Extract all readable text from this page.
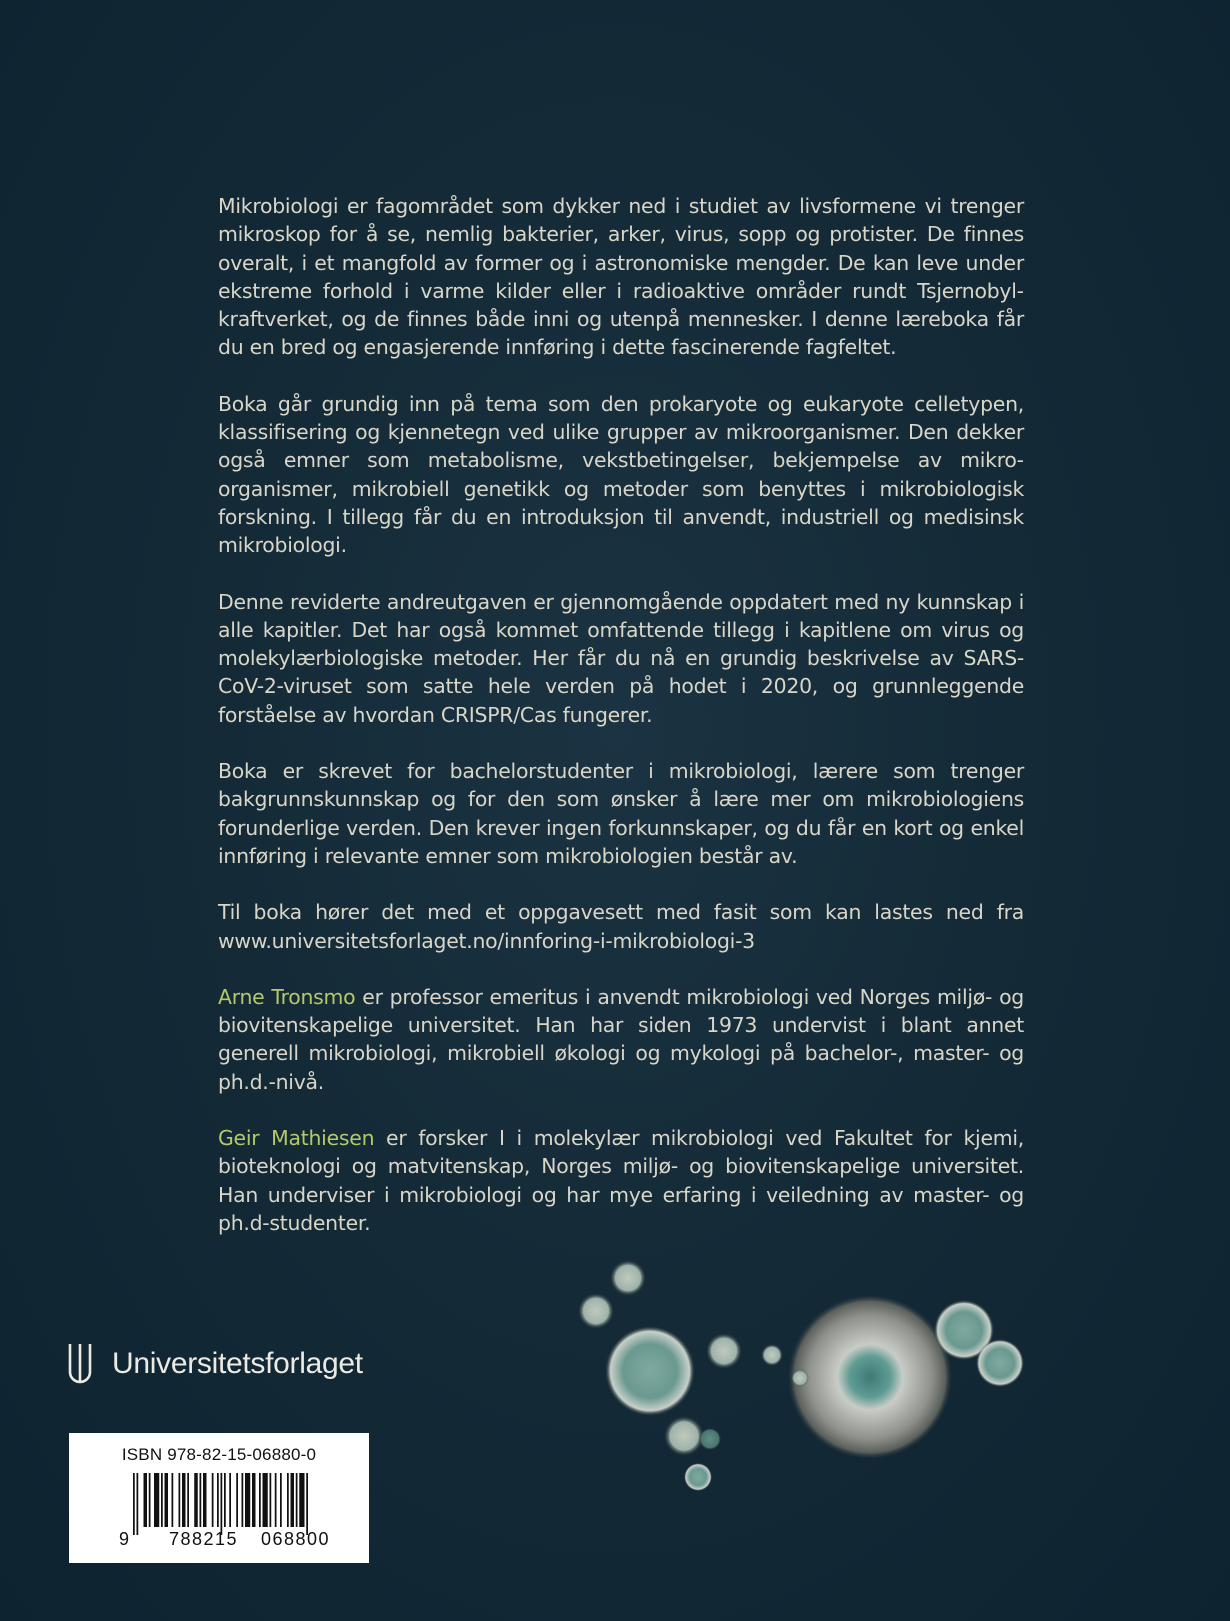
Mikrobiologi er fagområdet som dykker ned i studiet av livsformene vi trenger mikroskop for å se, nemlig bakterier, arker, virus, sopp og protister. De finnes overalt, i et mangfold av former og i astronomiske mengder. De kan leve under ekstreme forhold i varme kilder eller i radioaktive områder rundt Tsjernobylkraftverket, og de finnes både inni og utenpå mennesker. I denne læreboka får du en bred og engasjerende innføring i dette fascinerende fagfeltet.

Boka går grundig inn på tema som den prokaryote og eukaryote celletypen, klassifisering og kjennetegn ved ulike grupper av mikroorganismer. Den dekker også emner som metabolisme, vekstbetingelser, bekjempelse av mikroorganismer, mikrobiell genetikk og metoder som benyttes i mikrobiologisk forskning. I tillegg får du en introduksjon til anvendt, industriell og medisinsk mikrobiologi.

Denne reviderte andreutgaven er gjennomgående oppdatert med ny kunnskap i alle kapitler. Det har også kommet omfattende tillegg i kapitlene om virus og molekylærbiologiske metoder. Her får du nå en grundig beskrivelse av SARS-CoV-2-viruset som satte hele verden på hodet i 2020, og grunnleggende forståelse av hvordan CRISPR/Cas fungerer.

Boka er skrevet for bachelorstudenter i mikrobiologi, lærere som trenger bakgrunnskunnskap og for den som ønsker å lære mer om mikrobiologiens forunderlige verden. Den krever ingen forkunnskaper, og du får en kort og enkel innføring i relevante emner som mikrobiologien består av.

Til boka hører det med et oppgavesett med fasit som kan lastes ned fra www.universitetsforlaget.no/innforing-i-mikrobiologi-3

Arne Tronsmo er professor emeritus i anvendt mikrobiologi ved Norges miljø- og biovitenskapelige universitet. Han har siden 1973 undervist i blant annet generell mikrobiologi, mikrobiell økologi og mykologi på bachelor-, master- og ph.d.-nivå.

Geir Mathiesen er forsker I i molekylær mikrobiologi ved Fakultet for kjemi, bioteknologi og matvitenskap, Norges miljø- og biovitenskapelige universitet. Han underviser i mikrobiologi og har mye erfaring i veiledning av master- og ph.d-studenter.

Universitetsforlaget
ISBN 978-82-15-06880-0
9 788215 068800
